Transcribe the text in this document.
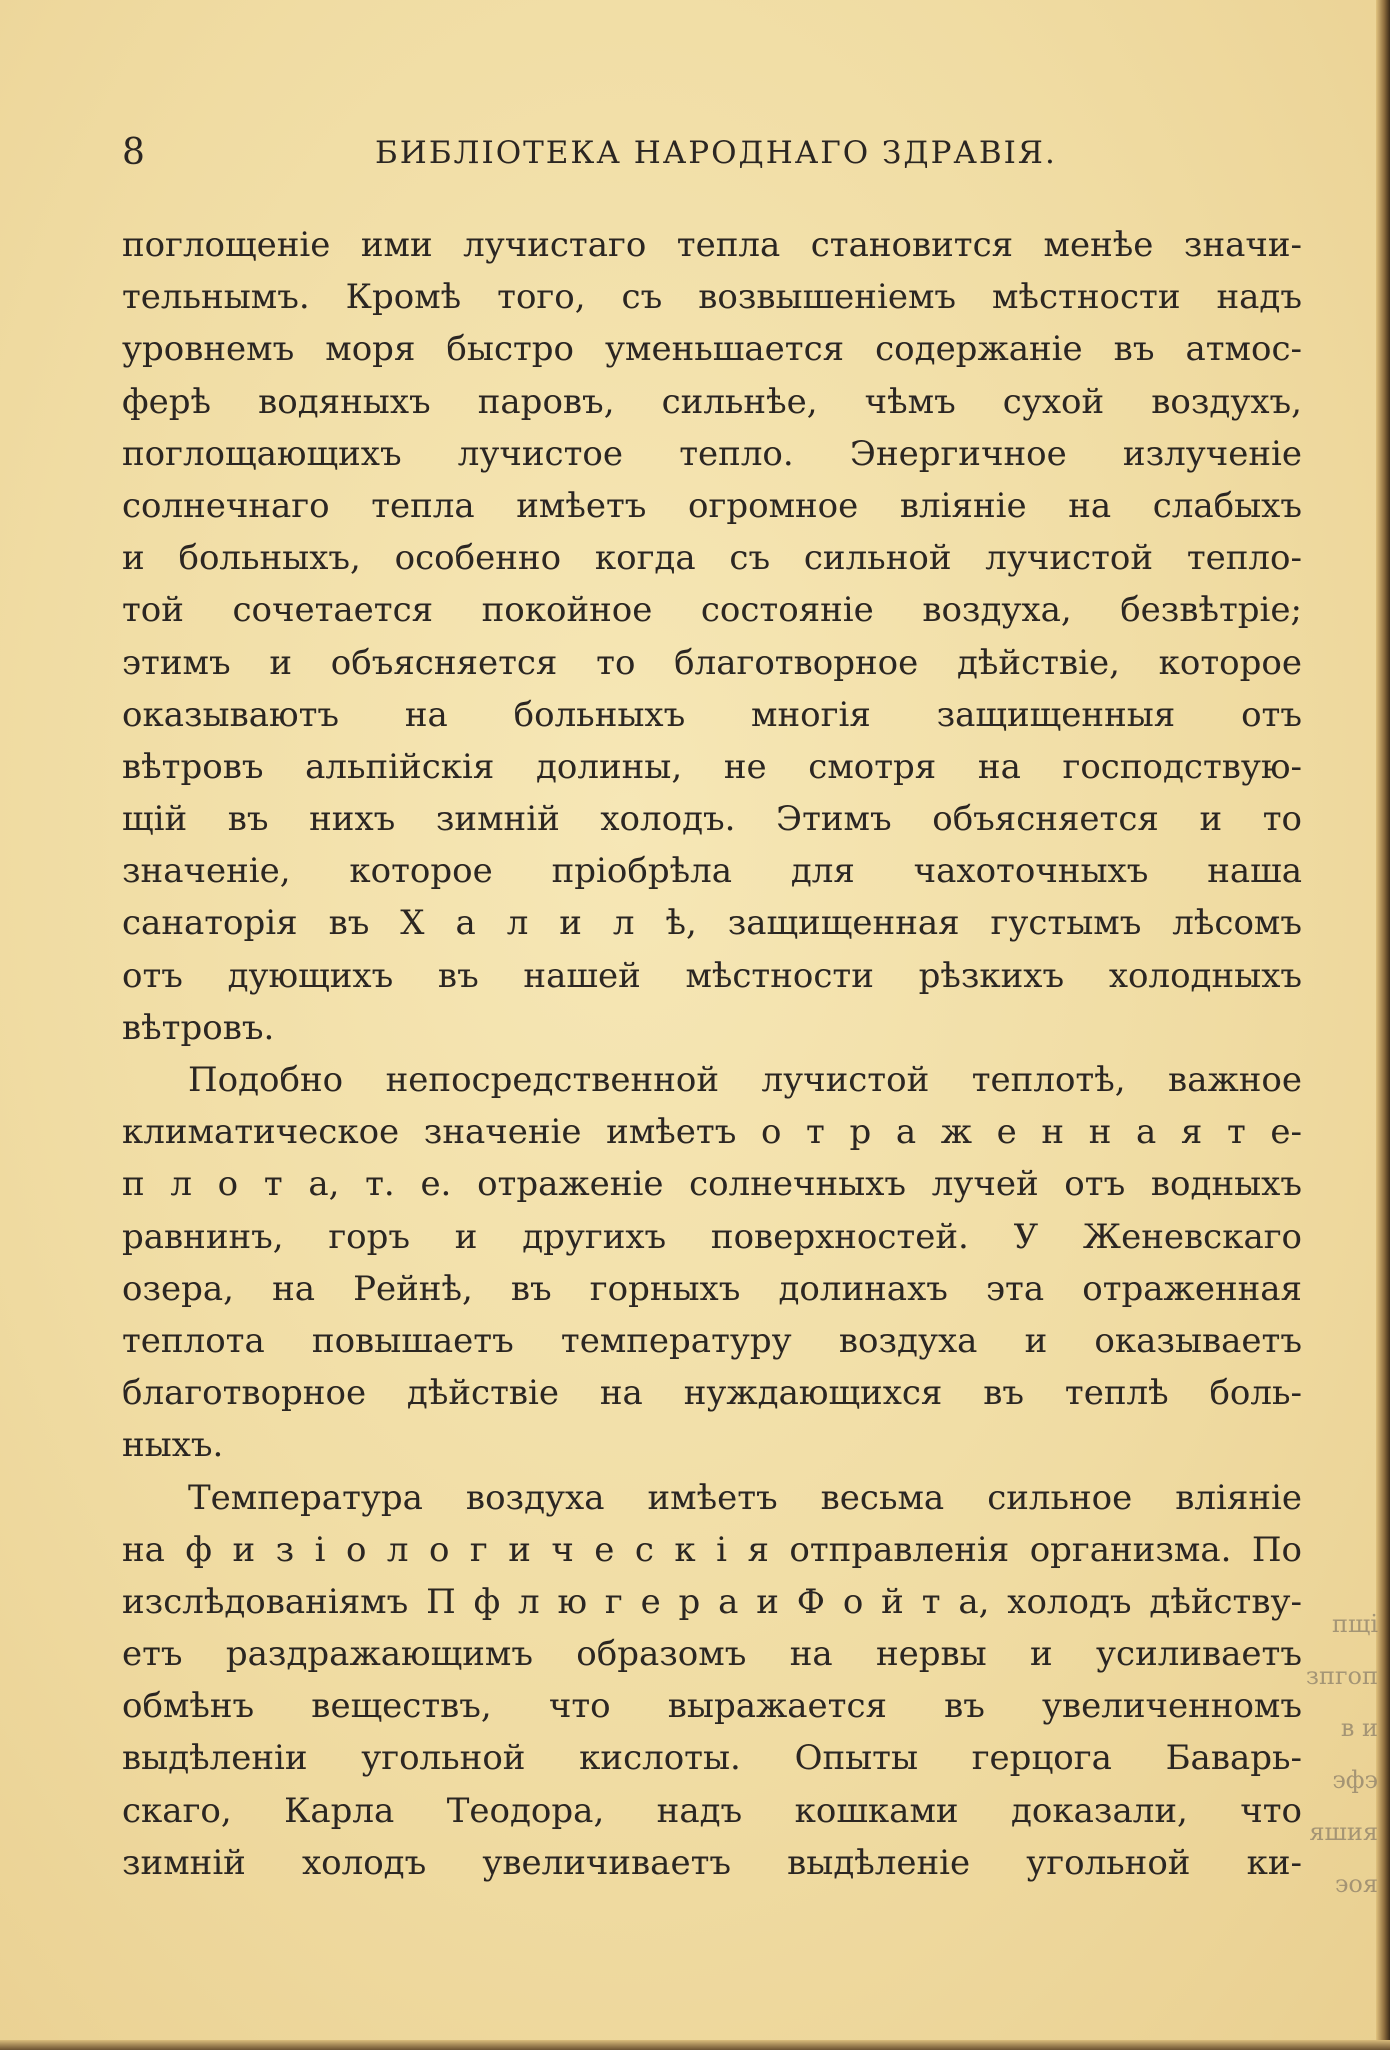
8	БИБЛІОТЕКА НАРОДНАГО ЗДРАВІЯ.
поглощеніе ими лучистаго тепла становится менѣе значи-
тельнымъ. Кромѣ того, съ возвышеніемъ мѣстности надъ
уровнемъ моря быстро уменьшается содержаніе въ атмос-
ферѣ водяныхъ паровъ, сильнѣе, чѣмъ сухой воздухъ,
поглощающихъ лучистое тепло. Энергичное излученіе
солнечнаго тепла имѣетъ огромное вліяніе на слабыхъ
и больныхъ, особенно когда съ сильной лучистой тепло-
той сочетается покойное состояніе воздуха, безвѣтріе;
этимъ и объясняется то благотворное дѣйствіе, которое
оказываютъ на больныхъ многія защищенныя отъ
вѣтровъ альпійскія долины, не смотря на господствую-
щій въ нихъ зимній холодъ. Этимъ объясняется и то
значеніе, которое пріобрѣла для чахоточныхъ наша
санаторія въ Х а л и л ѣ, защищенная густымъ лѣсомъ
отъ дующихъ въ нашей мѣстности рѣзкихъ холодныхъ
вѣтровъ.
Подобно непосредственной лучистой теплотѣ, важное
климатическое значеніе имѣетъ о т р а ж е н н а я т е-
п л о т а, т. е. отраженіе солнечныхъ лучей отъ водныхъ
равнинъ, горъ и другихъ поверхностей. У Женевскаго
озера, на Рейнѣ, въ горныхъ долинахъ эта отраженная
теплота повышаетъ температуру воздуха и оказываетъ
благотворное дѣйствіе на нуждающихся въ теплѣ боль-
ныхъ.
Температура воздуха имѣетъ весьма сильное вліяніе
на ф и з і о л о г и ч е с к і я отправленія организма. По
изслѣдованіямъ П ф л ю г е р а и Ф о й т а, холодъ дѣйству-
етъ раздражающимъ образомъ на нервы и усиливаетъ
обмѣнъ веществъ, что выражается въ увеличенномъ
выдѣленіи угольной кислоты. Опыты герцога Баварь-
скаго, Карла Теодора, надъ кошками доказали, что
зимній холодъ увеличиваетъ выдѣленіе угольной ки-
пщі
зпгоп
в и
эфэ
яшия
эоя
